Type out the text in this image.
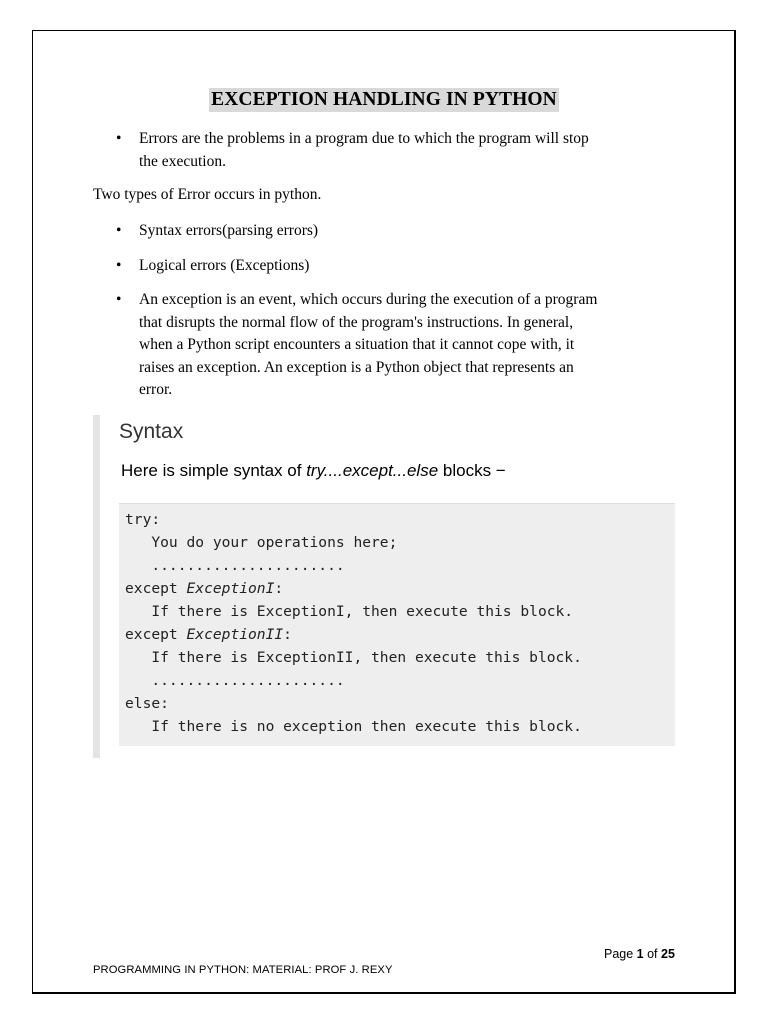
EXCEPTION HANDLING IN PYTHON
• Errors are the problems in a program due to which the program will stop
the execution.
Two types of Error occurs in python.
• Syntax errors(parsing errors)
• Logical errors (Exceptions)
• An exception is an event, which occurs during the execution of a program
that disrupts the normal flow of the program's instructions. In general,
when a Python script encounters a situation that it cannot cope with, it
raises an exception. An exception is a Python object that represents an
error.
Syntax
Here is simple syntax of try....except...else blocks −
try:
You do your operations here;
......................
except ExceptionI:
If there is ExceptionI, then execute this block.
except ExceptionII:
If there is ExceptionII, then execute this block.
......................
else:
If there is no exception then execute this block.
Page 1 of 25
PROGRAMMING IN PYTHON: MATERIAL: PROF J. REXY
